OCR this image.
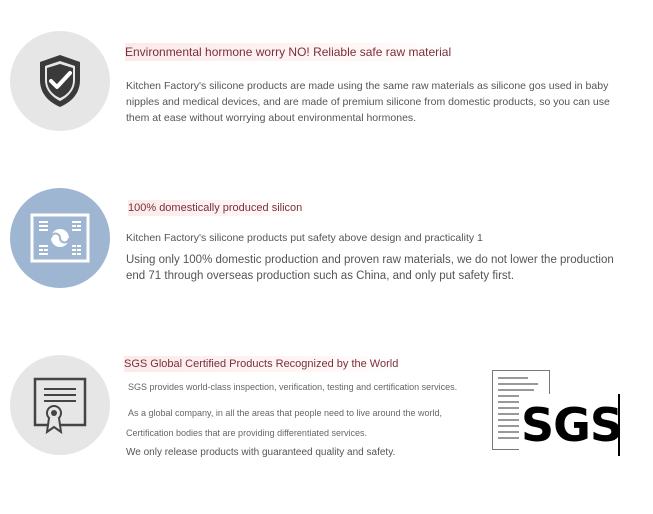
Environmental hormone worry NO! Reliable safe raw material
Kitchen Factory's silicone products are made using the same raw materials as silicone gos used in baby nipples and medical devices, and are made of premium silicone from domestic products, so you can use them at ease without worrying about environmental hormones.
100% domestically produced silicon
Kitchen Factory's silicone products put safety above design and practicality 1
Using only 100% domestic production and proven raw materials, we do not lower the production end 71 through overseas production such as China, and only put safety first.
SGS Global Certified Products Recognized by the World
SGS provides world-class inspection, verification, testing and certification services.
As a global company, in all the areas that people need to live around the world,
Certification bodies that are providing differentiated services.
We only release products with guaranteed quality and safety.
SGS
